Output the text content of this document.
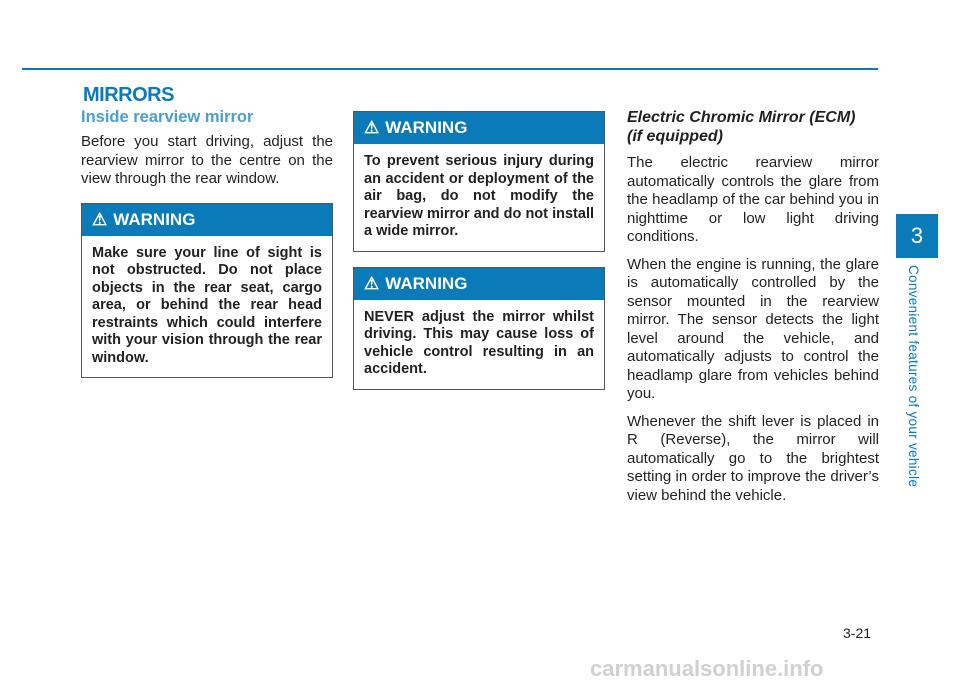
MIRRORS
Inside rearview mirror

Before you start driving, adjust the rearview mirror to the centre on the view through the rear window.

⚠ WARNING
Make sure your line of sight is not obstructed. Do not place objects in the rear seat, cargo area, or behind the rear head restraints which could interfere with your vision through the rear window.
⚠ WARNING
To prevent serious injury during an accident or deployment of the air bag, do not modify the rearview mirror and do not install a wide mirror.
⚠ WARNING
NEVER adjust the mirror whilst driving. This may cause loss of vehicle control resulting in an accident.
Electric Chromic Mirror (ECM)
(if equipped)

The electric rearview mirror automatically controls the glare from the headlamp of the car behind you in nighttime or low light driving conditions.

When the engine is running, the glare is automatically controlled by the sensor mounted in the rearview mirror. The sensor detects the light level around the vehicle, and automatically adjusts to control the headlamp glare from vehicles behind you.

Whenever the shift lever is placed in R (Reverse), the mirror will automatically go to the brightest setting in order to improve the driver’s view behind the vehicle.

3
Convenient features of your vehicle
3-21
carmanualsonline.info
